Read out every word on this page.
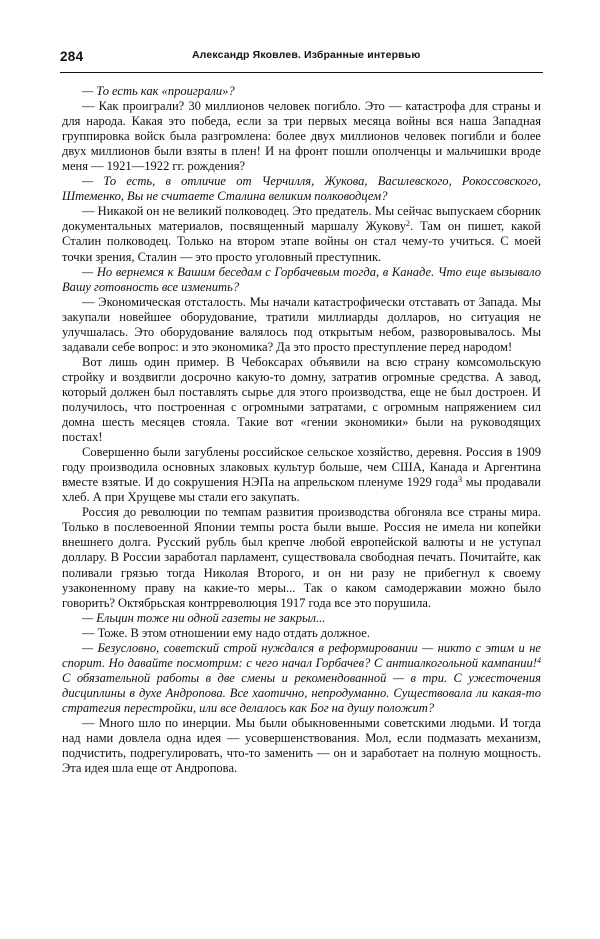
284	Александр Яковлев. Избранные интервью

— То есть как «проиграли»?

— Как проиграли? 30 миллионов человек погибло. Это — катастрофа для страны и для народа. Какая это победа, если за три первых месяца войны вся наша Западная группировка войск была разгромлена: более двух миллионов человек погибли и более двух миллионов были взяты в плен! И на фронт пошли ополченцы и мальчишки вроде меня — 1921—1922 гг. рождения?

— То есть, в отличие от Черчилля, Жукова, Василевского, Рокоссовского, Штеменко, Вы не считаете Сталина великим полководцем?

— Никакой он не великий полководец. Это предатель. Мы сейчас выпускаем сборник документальных материалов, посвященный маршалу Жукову$^2$. Там он пишет, какой Сталин полководец. Только на втором этапе войны он стал чему-то учиться. С моей точки зрения, Сталин — это просто уголовный преступник.

— Но вернемся к Вашим беседам с Горбачевым тогда, в Канаде. Что еще вызывало Вашу готовность все изменить?

— Экономическая отсталость. Мы начали катастрофически отставать от Запада. Мы закупали новейшее оборудование, тратили миллиарды долларов, но ситуация не улучшалась. Это оборудование валялось под открытым небом, разворовывалось. Мы задавали себе вопрос: и это экономика? Да это просто преступление перед народом!

Вот лишь один пример. В Чебоксарах объявили на всю страну комсомольскую стройку и воздвигли досрочно какую-то домну, затратив огромные средства. А завод, который должен был поставлять сырье для этого производства, еще не был достроен. И получилось, что построенная с огромными затратами, с огромным напряжением сил домна шесть месяцев стояла. Такие вот «гении экономики» были на руководящих постах!

Совершенно были загублены российское сельское хозяйство, деревня. Россия в 1909 году производила основных злаковых культур больше, чем США, Канада и Аргентина вместе взятые. И до сокрушения НЭПа на апрельском пленуме 1929 года$^3$ мы продавали хлеб. А при Хрущеве мы стали его закупать.

Россия до революции по темпам развития производства обгоняла все страны мира. Только в послевоенной Японии темпы роста были выше. Россия не имела ни копейки внешнего долга. Русский рубль был крепче любой европейской валюты и не уступал доллару. В России заработал парламент, существовала свободная печать. Почитайте, как поливали грязью тогда Николая Второго, и он ни разу не прибегнул к своему узаконенному праву на какие-то меры... Так о каком самодержавии можно было говорить? Октябрьская контрреволюция 1917 года все это порушила.

— Ельцин тоже ни одной газеты не закрыл...

— Тоже. В этом отношении ему надо отдать должное.

— Безусловно, советский строй нуждался в реформировании — никто с этим и не спорит. Но давайте посмотрим: с чего начал Горбачев? С антиалкогольной кампании!$^4$ С обязательной работы в две смены и рекомендованной — в три. С ужесточения дисциплины в духе Андропова. Все хаотично, непродуманно. Существовала ли какая-то стратегия перестройки, или все делалось как Бог на душу положит?

— Много шло по инерции. Мы были обыкновенными советскими людьми. И тогда над нами довлела одна идея — усовершенствования. Мол, если подмазать механизм, подчистить, подрегулировать, что-то заменить — он и заработает на полную мощность. Эта идея шла еще от Андропова.
